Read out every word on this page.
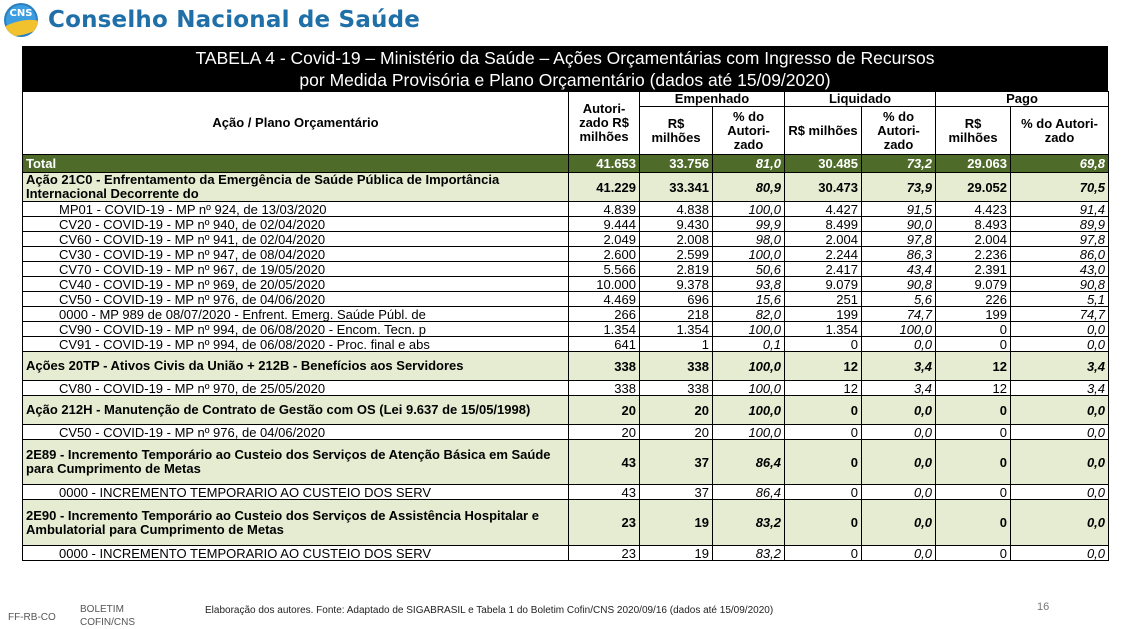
CNS Conselho Nacional de Saúde
TABELA 4 - Covid-19 – Ministério da Saúde – Ações Orçamentárias com Ingresso de Recursos
por Medida Provisória e Plano Orçamentário (dados até 15/09/2020)
Ação / Plano Orçamentário	Autori-zado R$ milhões	Empenhado		Liquidado		Pago	
		R$ milhões	% do Autori-zado	R$ milhões	% do Autori-zado	R$ milhões	% do Autori-zado
Total	41.653	33.756	81,0	30.485	73,2	29.063	69,8
Ação 21C0 - Enfrentamento da Emergência de Saúde Pública de Importância Internacional Decorrente do	41.229	33.341	80,9	30.473	73,9	29.052	70,5
MP01 - COVID-19 - MP nº 924, de 13/03/2020	4.839	4.838	100,0	4.427	91,5	4.423	91,4
CV20 - COVID-19 - MP nº 940, de 02/04/2020	9.444	9.430	99,9	8.499	90,0	8.493	89,9
CV60 - COVID-19 - MP nº 941, de 02/04/2020	2.049	2.008	98,0	2.004	97,8	2.004	97,8
CV30 - COVID-19 - MP nº 947, de 08/04/2020	2.600	2.599	100,0	2.244	86,3	2.236	86,0
CV70 - COVID-19 - MP nº 967, de 19/05/2020	5.566	2.819	50,6	2.417	43,4	2.391	43,0
CV40 - COVID-19 - MP nº 969, de 20/05/2020	10.000	9.378	93,8	9.079	90,8	9.079	90,8
CV50 - COVID-19 - MP nº 976, de 04/06/2020	4.469	696	15,6	251	5,6	226	5,1
0000 - MP 989 de 08/07/2020 - Enfrent. Emerg. Saúde Públ. de	266	218	82,0	199	74,7	199	74,7
CV90 - COVID-19 - MP nº 994, de 06/08/2020 - Encom. Tecn. p	1.354	1.354	100,0	1.354	100,0	0	0,0
CV91 - COVID-19 - MP nº 994, de 06/08/2020 - Proc. final e abs	641	1	0,1	0	0,0	0	0,0
Ações 20TP - Ativos Civis da União + 212B - Benefícios aos Servidores	338	338	100,0	12	3,4	12	3,4
CV80 - COVID-19 - MP nº 970, de 25/05/2020	338	338	100,0	12	3,4	12	3,4
Ação 212H - Manutenção de Contrato de Gestão com OS (Lei 9.637 de 15/05/1998)	20	20	100,0	0	0,0	0	0,0
CV50 - COVID-19 - MP nº 976, de 04/06/2020	20	20	100,0	0	0,0	0	0,0
2E89 - Incremento Temporário ao Custeio dos Serviços de Atenção Básica em Saúde para Cumprimento de Metas	43	37	86,4	0	0,0	0	0,0
0000 - INCREMENTO TEMPORARIO AO CUSTEIO DOS SERV	43	37	86,4	0	0,0	0	0,0
2E90 - Incremento Temporário ao Custeio dos Serviços de Assistência Hospitalar e Ambulatorial para Cumprimento de Metas	23	19	83,2	0	0,0	0	0,0
0000 - INCREMENTO TEMPORARIO AO CUSTEIO DOS SERV	23	19	83,2	0	0,0	0	0,0
FF-RB-CO
BOLETIM COFIN/CNS
Elaboração dos autores. Fonte: Adaptado de SIGABRASIL e Tabela 1 do Boletim Cofin/CNS 2020/09/16 (dados até 15/09/2020)	16
